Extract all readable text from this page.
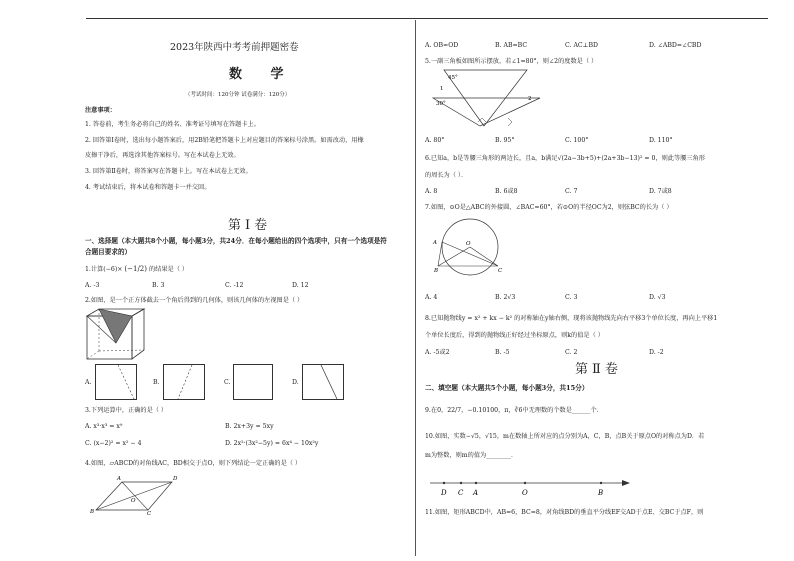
2023年陕西中考考前押题密卷
数 学
（考试时间：120分钟 试卷满分：120分）
注意事项：
1. 答卷前，考生务必将自己的姓名、准考证号填写在答题卡上。
2. 回答第Ⅰ卷时，选出每小题答案后，用2B铅笔把答题卡上对应题目的答案标号涂黑。如需改动，用橡
皮擦干净后，再选涂其他答案标号。写在本试卷上无效。
3. 回答第Ⅱ卷时，将答案写在答题卡上。写在本试卷上无效。
4. 考试结束后，将本试卷和答题卡一并交回。
第Ⅰ卷
一、选择题（本大题共8个小题，每小题3分，共24分．在每小题给出的四个选项中，只有一个选项是符
合题目要求的）
1.计算(−6)× (−1/2) 的结果是（ ）
A. -3	B. 3	C. -12	D. 12
2.如图，是一个正方体截去一个角后得到的几何体，则该几何体的左视图是（ ）
A.	B.	C.	D.
3.下列运算中，正确的是（ ）
A. x³·x³ = x⁹	B. 2x+3y = 5xy
C. (x−2)² = x² − 4	D. 2x²·(3x²−5y) = 6x⁴ − 10x²y
4.如图，▱ABCD的对角线AC，BD相交于点O，则下列结论一定正确的是（ ）
A	D
O
B	C
A. OB=OD	B. AB=BC	C. AC⊥BD	D. ∠ABD=∠CBD
5.一副三角板如图所示摆放，若∠1=80°，则∠2的度数是（ ）
45°
1
30°
2
A. 80°	B. 95°	C. 100°	D. 110°
6.已知a，b是等腰三角形的两边长，且a，b满足√(2a−3b+5)+(2a+3b−13)² = 0，则此等腰三角形
的周长为（ ）．
A. 8	B. 6或8	C. 7	D. 7或8
7.如图，⊙O是△ABC的外接圆，∠BAC=60°，若⊙O的半径OC为2，则弦BC的长为（ ）
A	O
B	C
A. 4	B. 2√3	C. 3	D. √3
8.已知抛物线y = x² + kx − k² 的对称轴在y轴右侧，现将该抛物线先向右平移3个单位长度，再向上平移1
个单位长度后，得到的抛物线正好经过坐标原点，则k的值是（ ）
A. -5或2	B. -5	C. 2	D. -2
第Ⅱ卷
二、填空题（本大题共5个小题，每小题3分，共15分）
9.在0，22/7，−0.10100，π，∛6中无理数的个数是______个．
10.如图，实数−√5，√15，m在数轴上所对应的点分别为A，C，B，点B关于原点O的对称点为D．若
m为整数，则m的值为________．
D C A	O	B
11.如图，矩形ABCD中，AB=6，BC=8，对角线BD的垂直平分线EF交AD于点E、交BC于点F，则
